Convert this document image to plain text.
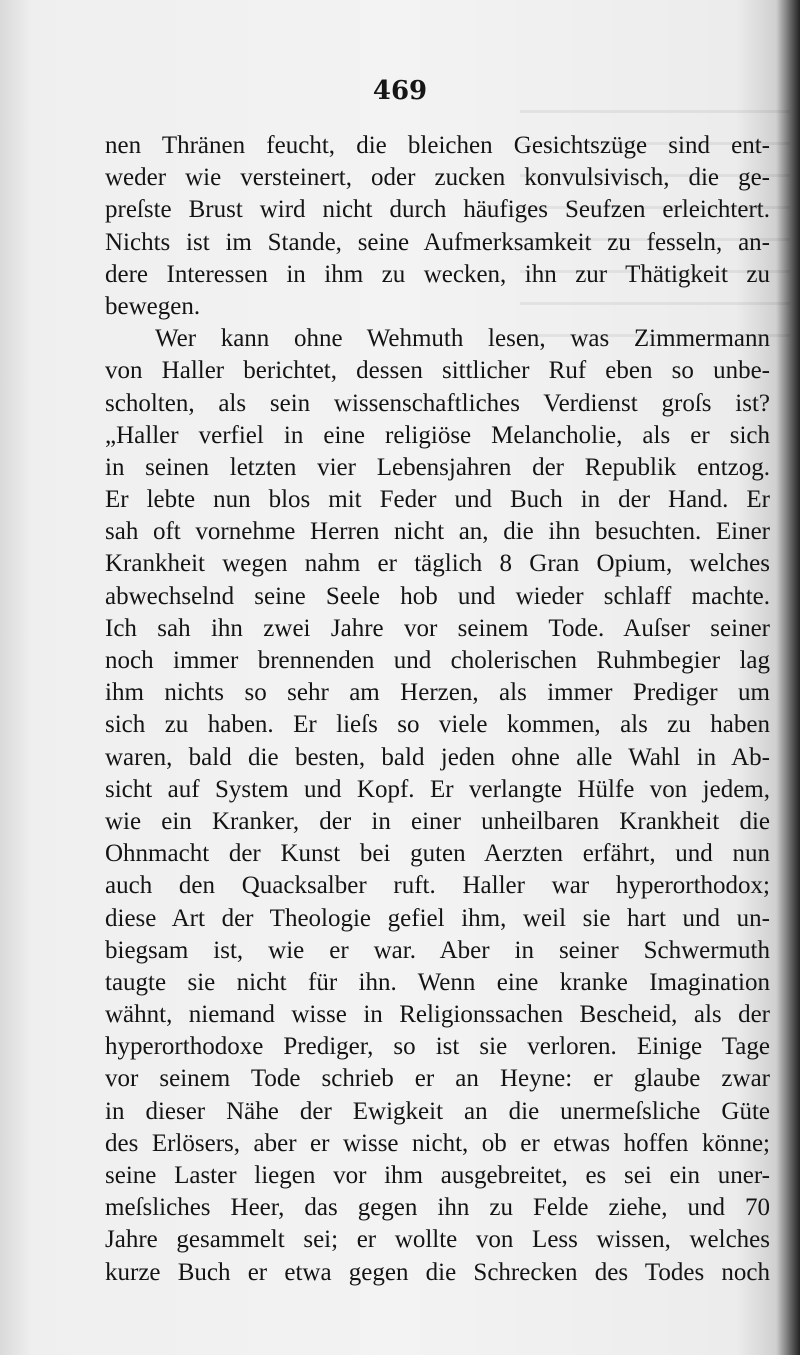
469
nen Thränen feucht, die bleichen Gesichtszüge sind ent-
weder wie versteinert, oder zucken konvulsivisch, die ge-
preſste Brust wird nicht durch häufiges Seufzen erleichtert.
Nichts ist im Stande, seine Aufmerksamkeit zu fesseln, an-
dere Interessen in ihm zu wecken, ihn zur Thätigkeit zu
bewegen.
Wer kann ohne Wehmuth lesen, was Zimmermann
von Haller berichtet, dessen sittlicher Ruf eben so unbe-
scholten, als sein wissenschaftliches Verdienst groſs ist?
„Haller verfiel in eine religiöse Melancholie, als er sich
in seinen letzten vier Lebensjahren der Republik entzog.
Er lebte nun blos mit Feder und Buch in der Hand. Er
sah oft vornehme Herren nicht an, die ihn besuchten. Einer
Krankheit wegen nahm er täglich 8 Gran Opium, welches
abwechselnd seine Seele hob und wieder schlaff machte.
Ich sah ihn zwei Jahre vor seinem Tode. Auſser seiner
noch immer brennenden und cholerischen Ruhmbegier lag
ihm nichts so sehr am Herzen, als immer Prediger um
sich zu haben. Er lieſs so viele kommen, als zu haben
waren, bald die besten, bald jeden ohne alle Wahl in Ab-
sicht auf System und Kopf. Er verlangte Hülfe von jedem,
wie ein Kranker, der in einer unheilbaren Krankheit die
Ohnmacht der Kunst bei guten Aerzten erfährt, und nun
auch den Quacksalber ruft. Haller war hyperorthodox;
diese Art der Theologie gefiel ihm, weil sie hart und un-
biegsam ist, wie er war. Aber in seiner Schwermuth
taugte sie nicht für ihn. Wenn eine kranke Imagination
wähnt, niemand wisse in Religionssachen Bescheid, als der
hyperorthodoxe Prediger, so ist sie verloren. Einige Tage
vor seinem Tode schrieb er an Heyne: er glaube zwar
in dieser Nähe der Ewigkeit an die unermeſsliche Güte
des Erlösers, aber er wisse nicht, ob er etwas hoffen könne;
seine Laster liegen vor ihm ausgebreitet, es sei ein uner-
meſsliches Heer, das gegen ihn zu Felde ziehe, und 70
Jahre gesammelt sei; er wollte von Less wissen, welches
kurze Buch er etwa gegen die Schrecken des Todes noch
